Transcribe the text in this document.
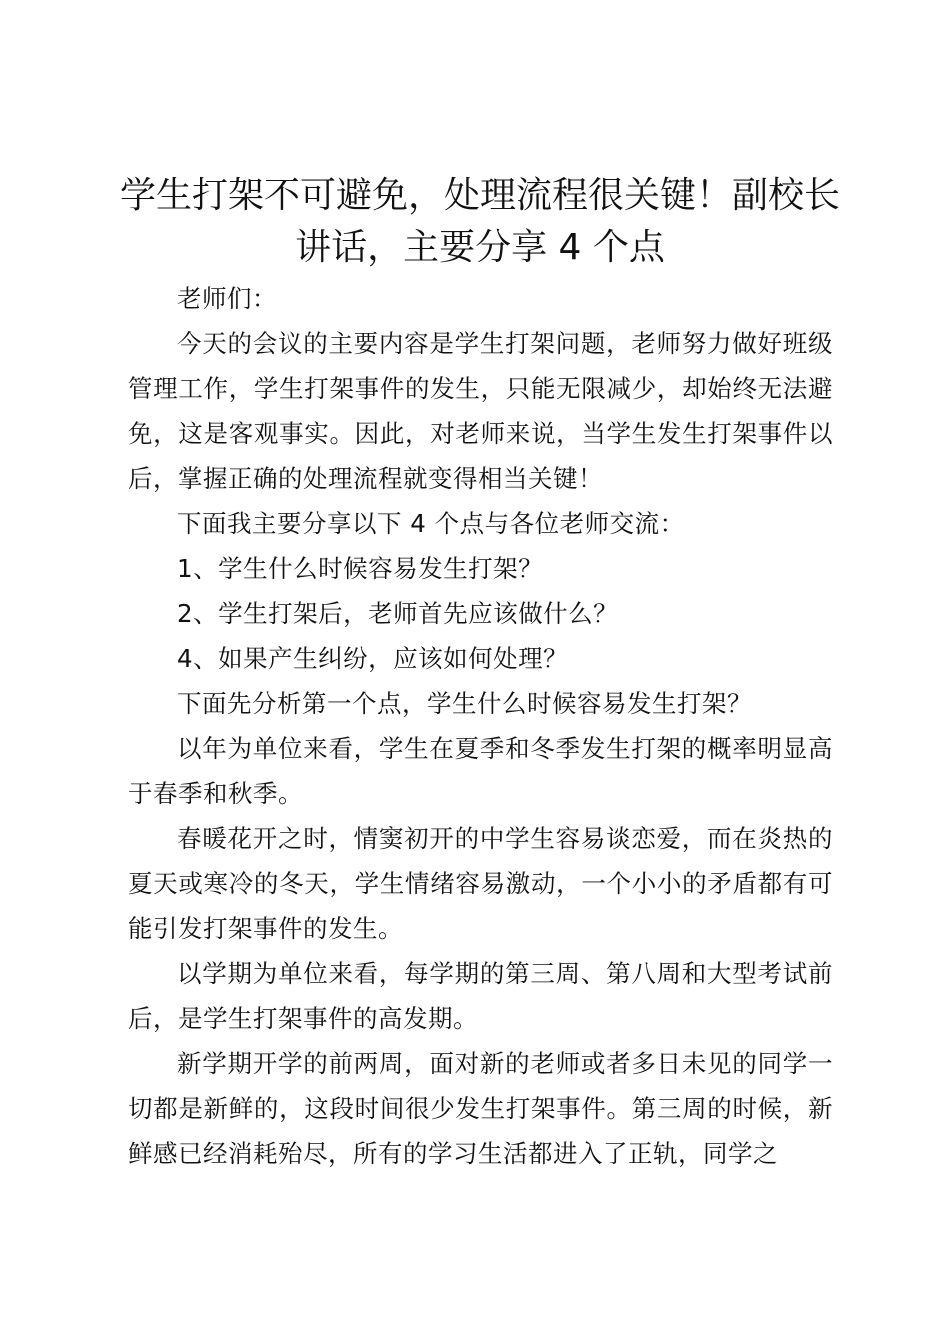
学生打架不可避免，处理流程很关键！副校长讲话，主要分享 4 个点

老师们：

今天的会议的主要内容是学生打架问题，老师努力做好班级管理工作，学生打架事件的发生，只能无限减少，却始终无法避免，这是客观事实。因此，对老师来说，当学生发生打架事件以后，掌握正确的处理流程就变得相当关键！

下面我主要分享以下 4 个点与各位老师交流：

1、学生什么时候容易发生打架？

2、学生打架后，老师首先应该做什么？

4、如果产生纠纷，应该如何处理？

下面先分析第一个点，学生什么时候容易发生打架？

以年为单位来看，学生在夏季和冬季发生打架的概率明显高于春季和秋季。

春暖花开之时，情窦初开的中学生容易谈恋爱，而在炎热的夏天或寒冷的冬天，学生情绪容易激动，一个小小的矛盾都有可能引发打架事件的发生。

以学期为单位来看，每学期的第三周、第八周和大型考试前后，是学生打架事件的高发期。

新学期开学的前两周，面对新的老师或者多日未见的同学一切都是新鲜的，这段时间很少发生打架事件。第三周的时候，新鲜感已经消耗殆尽，所有的学习生活都进入了正轨，同学之
